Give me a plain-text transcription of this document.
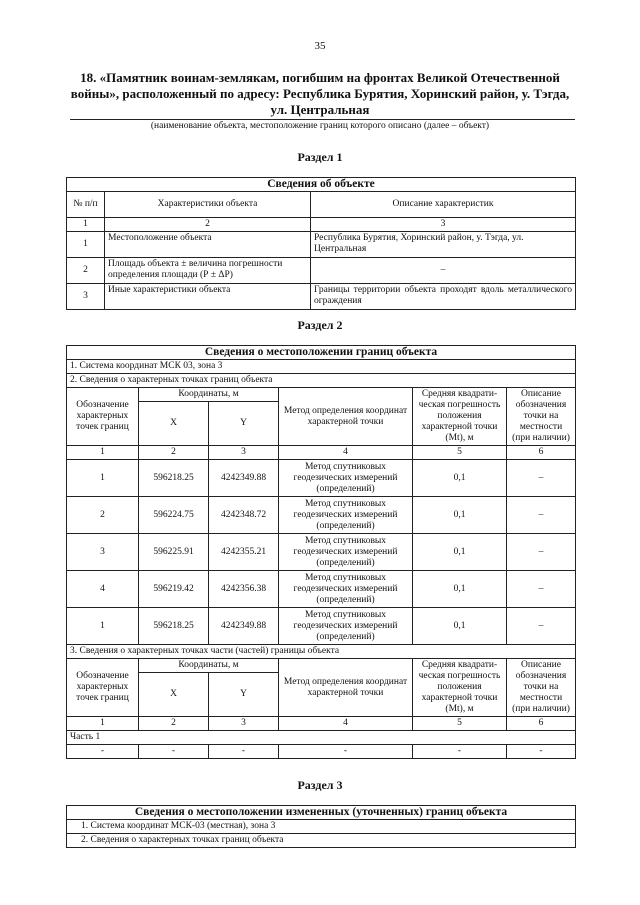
35
18. «Памятник воинам-землякам, погибшим на фронтах Великой Отечественной войны», расположенный по адресу: Республика Бурятия, Хоринский район, у. Тэгда, ул. Центральная
(наименование объекта, местоположение границ которого описано (далее – объект)
Раздел 1
Сведения об объекте		
№ п/п	Характеристики объекта	Описание характеристик
1	2	3
1	Местоположение объекта	Республика Бурятия, Хоринский район, у. Тэгда, ул. Центральная
2	Площадь объекта ± величина погрешности определения площади (Р ± ΔР)	–
3	Иные характеристики объекта	Границы территории объекта проходят вдоль металлического ограждения
Раздел 2
Сведения о местоположении границ объекта					
1. Система координат МСК 03, зона 3					
2. Сведения о характерных точках границ объекта					
Обозначение характерных точек границ	Координаты, м		Метод определения координат характерной точки	Средняя квадрати-ческая погрешность положения характерной точки (Mt), м	Описание обозначения точки на местности (при наличии)
	X	Y			
1	2	3	4	5	6
1	596218.25	4242349.88	Метод спутниковых геодезических измерений (определений)	0,1	–
2	596224.75	4242348.72	Метод спутниковых геодезических измерений (определений)	0,1	–
3	596225.91	4242355.21	Метод спутниковых геодезических измерений (определений)	0,1	–
4	596219.42	4242356.38	Метод спутниковых геодезических измерений (определений)	0,1	–
1	596218.25	4242349.88	Метод спутниковых геодезических измерений (определений)	0,1	–
3. Сведения о характерных точках части (частей) границы объекта					
Обозначение характерных точек границ	Координаты, м		Метод определения координат характерной точки	Средняя квадрати-ческая погрешность положения характерной точки (Mt), м	Описание обозначения точки на местности (при наличии)
	X	Y			
1	2	3	4	5	6
Часть 1					
-	-	-	-	-	-
Раздел 3
Сведения о местоположении измененных (уточненных) границ объекта
1. Система координат МСК-03 (местная), зона 3
2. Сведения о характерных точках границ объекта
